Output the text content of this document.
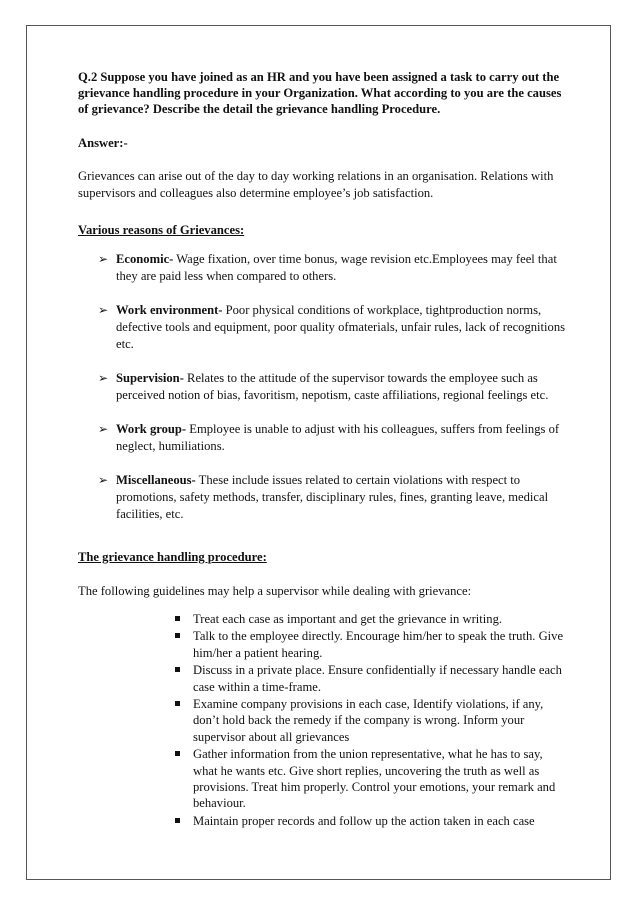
Q.2 Suppose you have joined as an HR and you have been assigned a task to carry out the grievance handling procedure in your Organization. What according to you are the causes of grievance? Describe the detail the grievance handling Procedure.

Answer:-

Grievances can arise out of the day to day working relations in an organisation. Relations with supervisors and colleagues also determine employee’s job satisfaction.

Various reasons of Grievances:

➢ Economic- Wage fixation, over time bonus, wage revision etc.Employees may feel that they are paid less when compared to others.
➢ Work environment- Poor physical conditions of workplace, tightproduction norms, defective tools and equipment, poor quality ofmaterials, unfair rules, lack of recognitions etc.
➢ Supervision- Relates to the attitude of the supervisor towards the employee such as perceived notion of bias, favoritism, nepotism, caste affiliations, regional feelings etc.
➢ Work group- Employee is unable to adjust with his colleagues, suffers from feelings of neglect, humiliations.
➢ Miscellaneous- These include issues related to certain violations with respect to promotions, safety methods, transfer, disciplinary rules, fines, granting leave, medical facilities, etc.

The grievance handling procedure:

The following guidelines may help a supervisor while dealing with grievance:

Treat each case as important and get the grievance in writing.
Talk to the employee directly. Encourage him/her to speak the truth. Give him/her a patient hearing.
Discuss in a private place. Ensure confidentially if necessary handle each case within a time-frame.
Examine company provisions in each case, Identify violations, if any, don’t hold back the remedy if the company is wrong. Inform your supervisor about all grievances
Gather information from the union representative, what he has to say, what he wants etc. Give short replies, uncovering the truth as well as provisions. Treat him properly. Control your emotions, your remark and behaviour.
Maintain proper records and follow up the action taken in each case
